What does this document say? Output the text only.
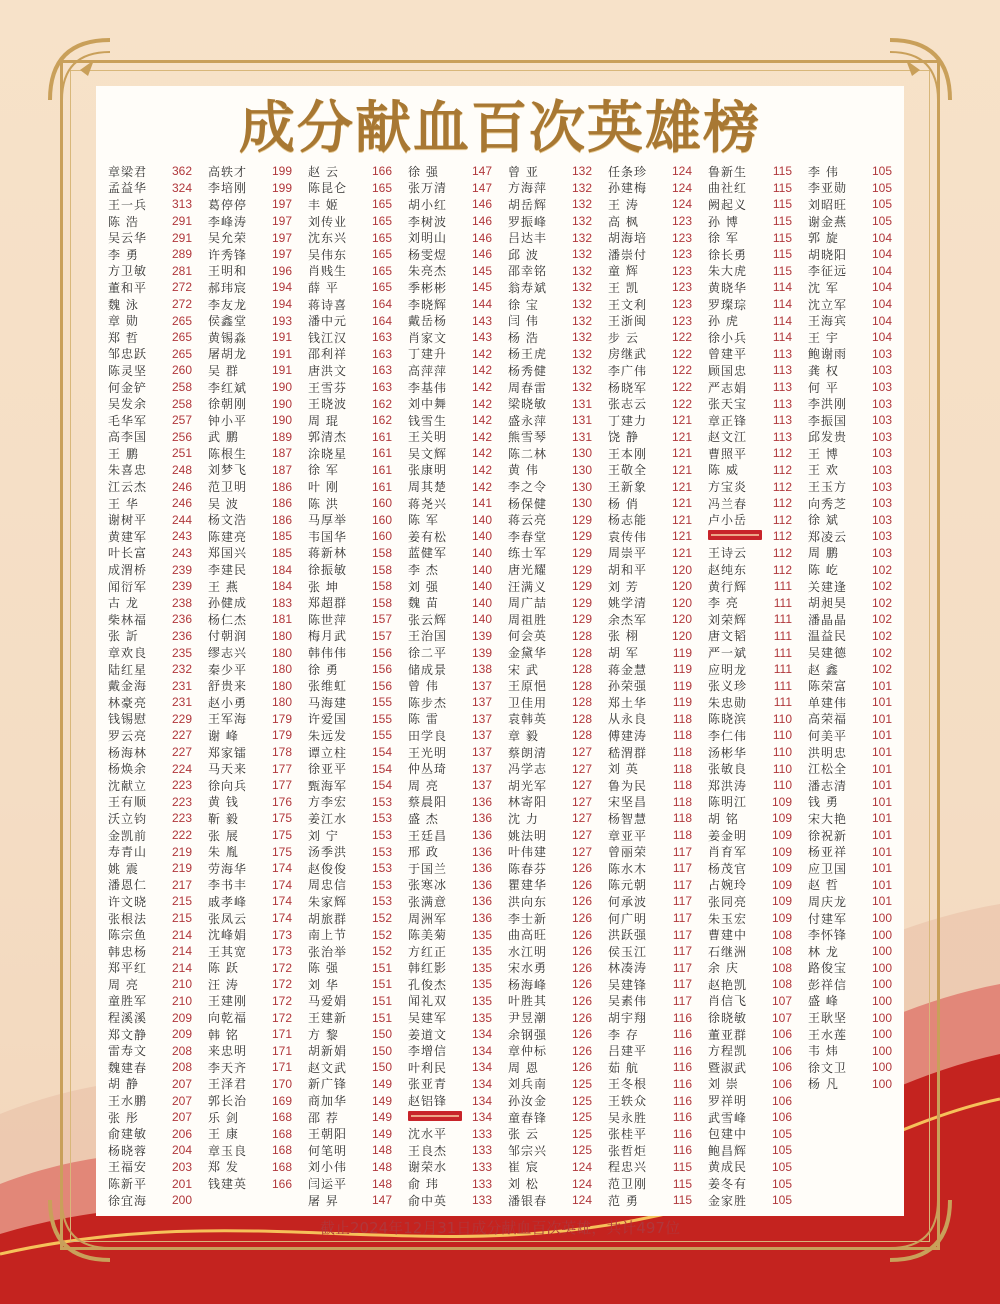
成分献血百次英雄榜
章梁君 362
孟益华 324
王一兵 313
陈 浩	291
吴云华 291
李 勇	289
方卫敏 281
董和平 272
魏 泳	272
章 勋	265
郑 哲	265
邹忠跃 265
陈灵坚 260
何金铲 258
吴发余 258
毛华军 257
高李国 256
王 鹏	251
朱喜忠 248
江云杰 246
王 华	246
谢树平 244
黄建军 243
叶长富 243
成渭桥 239
闻衍军 239
古 龙	238
柴林福 236
张 訢	236
章欢良 235
陆红星 232
戴金海 231
林豪亮 231
钱锡慰 229
罗云亮 227
杨海林 227
杨焕余 224
沈献立 223
王有顺 223
沃立钧 223
金凯前 222
寿青山 219
姚 震	219
潘恩仁 217
许文晓 215
张根法 215
陈宗鱼 214
韩忠杨 214
郑平红 214
周 亮	210
童胜军 210
程溪溪 209
郑文静 209
雷寿文 208
魏建春 208
胡 静	207
王水鹏 207
张 彤	207
俞建敏 206
杨晓蓉 204
王福安 203
陈新平 201
徐宜海 200
高轶才 199
李培刚 199
葛停停 197
李峰涛 197
吴允荣 197
许秀锋 197
王明和 196
郝玮宸 194
李友龙 194
侯鑫堂 193
黄锡淼 191
屠胡龙 191
吴 群	191
李红斌 190
徐朝刚 190
钟小平 190
武 鹏	189
陈根生 187
刘梦飞 187
范卫明 186
吴 波	186
杨文浩 186
陈建亮 185
郑国兴 185
李建民 184
王 燕	184
孙健成 183
杨仁杰 181
付朝润 180
缪志兴 180
秦少平 180
舒贵来 180
赵小勇 180
王军海 179
谢 峰	179
郑家镭 178
马天来 177
徐向兵 177
黄 钱	176
靳 毅	175
张 展	175
朱 胤	175
劳海华 174
李书丰 174
戚孝峰 174
张凤云 174
沈峰娟 173
王其宽 173
陈 跃	172
汪 涛	172
王建刚 172
向乾福 172
韩 铭	171
来忠明 171
李天齐 171
王泽君 170
郭长治 169
乐 剑	168
王 康	168
章玉良 168
郑 发	168
钱建英 166
赵 云	166
陈昆仑 165
丰 姬	165
刘传业 165
沈东兴 165
吴伟东 165
肖贱生 165
薛 平	165
蒋诗喜 164
潘中元 164
钱江汉 163
邵利祥 163
唐洪文 163
王雪芬 163
王晓波 162
周 琨	162
郭清杰 161
涂晓星 161
徐 军	161
叶 刚	161
陈 洪	160
马厚举 160
韦国华 160
蒋新林 158
徐振敏 158
张 坤	158
郑超群 158
陈世萍 157
梅月武 157
韩伟伟 156
徐 勇	156
张维虹 156
马海建 155
许爱国 155
朱远发 155
谭立柱 154
徐亚平 154
甄海军 154
方李宏 153
姜江水 153
刘 宁	153
汤季洪 153
赵俊俊 153
周忠信 153
朱家辉 153
胡旅群 152
南上节 152
张治举 152
陈 强	151
刘 华	151
马爱娟 151
王建新 151
方 黎	150
胡新娟 150
赵文武 150
新广锋 149
商加华 149
邵 荐	149
王朝阳 149
何笔明 148
刘小伟 148
闫运平 148
屠 昇	147
徐 强	147
张万清 147
胡小红 146
李树波 146
刘明山 146
杨雯煜 146
朱亮杰 145
季彬彬 145
李晓辉 144
戴岳杨 143
肖家文 143
丁建升 142
高萍萍 142
李基伟 142
刘中舞 142
钱雪生 142
王关明 142
吴文辉 142
张康明 142
周其楚 142
蒋尧兴 141
陈 军	140
姜有松 140
蓝健军 140
李 杰	140
刘 强	140
魏 苗	140
张云辉 140
王治国 139
徐二平 139
储成景 138
曾 伟	137
陈步杰 137
陈 雷	137
田学良 137
王光明 137
仲丛琦 137
周 亮	137
蔡晨阳 136
盛 杰	136
王廷昌 136
邢 政	136
于国兰 136
张寒冰 136
张满意 136
周洲军 136
陈美菊 135
方红正 135
韩红影 135
孔俊杰 135
闻礼双 135
吴建军 135
姜道文 134
李增信 134
叶利民 134
张亚青 134
赵铝锋 134
134
沈水平 133
王良杰 133
谢荣水 133
俞 玮	133
俞中英 133
曾 亚	132
方海萍 132
胡岳辉 132
罗振峰 132
吕达丰 132
邱 波	132
邵幸铭 132
翁寿斌 132
徐 宝	132
闫 伟	132
杨 浩	132
杨王虎 132
杨秀健 132
周春雷 132
梁晓敏 131
盛永萍 131
熊雪琴 131
陈二林 130
黄 伟	130
李之令 130
杨保健 130
蒋云亮 129
李春堂 129
练士军 129
唐光耀 129
汪满义 129
周广喆 129
周祖胜 129
何会英 128
金黛华 128
宋 武	128
王原悒 128
卫佳用 128
袁韩英 128
章 毅	128
蔡朗清 127
冯学志 127
胡光军 127
林寄阳 127
沈 力	127
姚法明 127
叶伟建 127
陈春芬 126
瞿建华 126
洪向东 126
李士新 126
曲高旺 126
水江明 126
宋水勇 126
杨海峰 126
叶胜其 126
尹昱潮 126
余钢强 126
章仲标 126
周 恩	126
刘兵南 125
孙汝金 125
童春锋 125
张 云	125
邹宗兴 125
崔 宸	124
刘 松	124
潘银春 124
任条珍 124
孙建梅 124
王 涛	124
高 枫	123
胡海培 123
潘崇付 123
童 辉	123
王 凯	123
王文利 123
王浙闽 123
步 云	122
房继武 122
李广伟 122
杨晓军 122
张志云 122
丁建力 121
饶 静	121
王本刚 121
王敬全 121
王新象 121
杨 俏	121
杨志能 121
袁传伟 121
周崇平 121
胡和平 120
刘 芳	120
姚学清 120
余杰军 120
张 栩	120
胡 军	119
蒋金慧 119
孙荣强 119
郑土华 119
从永良 118
傅建涛 118
嵇渭群 118
刘 英	118
鲁为民 118
宋坚昌 118
杨智慧 118
章亚平 118
曾丽荣 117
陈水木 117
陈元朝 117
何承波 117
何广明 117
洪跃强 117
侯玉江 117
林凑涛 117
吴建锋 117
吴素伟 117
胡宇翔 116
李 存	116
吕建平 116
茹 航	116
王冬根 116
王轶众 116
吴永胜 116
张桂平 116
张哲炬 116
程忠兴 115
范卫刚 115
范 勇	115
鲁新生 115
曲社红 115
阙起义 115
孙 博	115
徐 军	115
徐长勇 115
朱大虎 115
黄晓华 114
罗璨琮 114
孙 虎	114
徐小兵 114
曾建平 113
顾国忠 113
严志娟 113
张天宝 113
章正锋 113
赵文江 113
曹照平 112
陈 威	112
方宝炎 112
冯兰春 112
卢小岳 112
112
王诗云 112
赵纯东 112
黄行辉 111
李 亮	111
刘荣辉 111
唐文韬 111
严一斌 111
应明龙 111
张义珍 111
朱忠勋 111
陈晓滨 110
李仁伟 110
汤彬华 110
张敏良 110
郑洪涛 110
陈明江 109
胡 铭	109
姜金明 109
肖育军 109
杨茂官 109
占婉玲 109
张同亮 109
朱玉宏 109
曹建中 108
石继洲 108
余 庆	108
赵艳凯 108
肖信飞 107
徐晓敏 107
董亚群 106
方程凯 106
暨淑武 106
刘 崇	106
罗祥明 106
武雪峰 106
包建中 105
鲍昌辉 105
黄成民 105
姜冬有 105
金家胜 105
李 伟	105
李亚勋 105
刘昭旺 105
谢金燕 105
郭 旋	104
胡晓阳 104
李征远 104
沈 军	104
沈立军 104
王海宾 104
王 宇	104
鲍谢雨 103
龚 权	103
何 平	103
李洪刚 103
李振国 103
邱发贵 103
王 博	103
王 欢	103
王玉方 103
向秀芝 103
徐 斌	103
郑凌云 103
周 鹏	103
陈 屹	102
关建逢 102
胡昶昊 102
潘晶晶 102
温益民 102
吴建德 102
赵 鑫	102
陈荣富 101
单建伟 101
高荣福 101
何美平 101
洪明忠 101
江松全 101
潘志清 101
钱 勇	101
宋大艳 101
徐祝新 101
杨亚祥 101
应卫国 101
赵 哲	101
周庆龙 101
付建军 100
李怀锋 100
林 龙	100
路俊宝 100
彭祥信 100
盛 峰	100
王耿坚 100
王水莲 100
韦 炜	100
徐文卫 100
杨 凡	100
截止2024年12月31日成分献血百次英雄，共计497位
